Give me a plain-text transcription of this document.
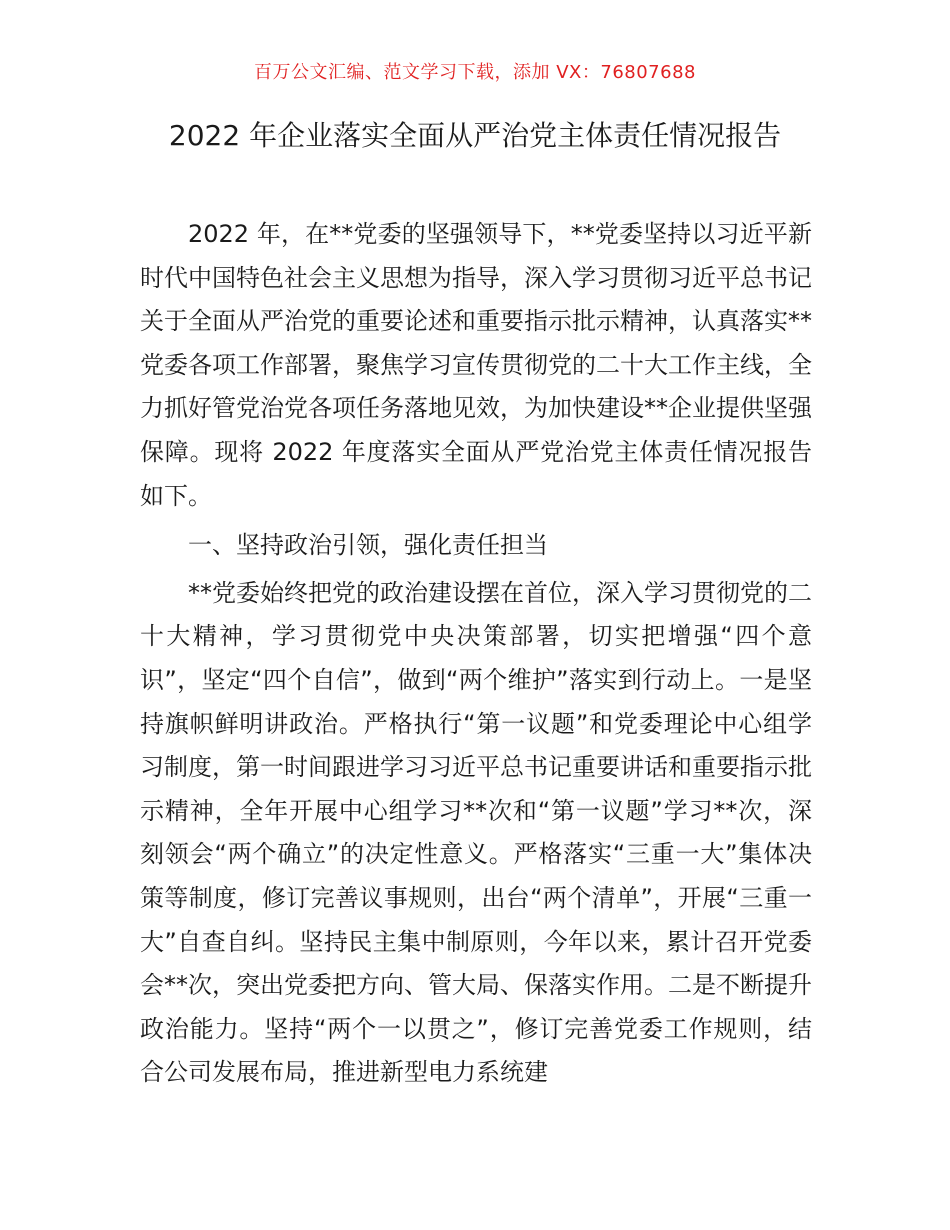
百万公文汇编、范文学习下载，添加 VX：76807688
2022 年企业落实全面从严治党主体责任情况报告

2022 年，在**党委的坚强领导下，**党委坚持以习近平新时代中国特色社会主义思想为指导，深入学习贯彻习近平总书记关于全面从严治党的重要论述和重要指示批示精神，认真落实**党委各项工作部署，聚焦学习宣传贯彻党的二十大工作主线，全力抓好管党治党各项任务落地见效，为加快建设**企业提供坚强保障。现将 2022 年度落实全面从严党治党主体责任情况报告如下。

一、坚持政治引领，强化责任担当

**党委始终把党的政治建设摆在首位，深入学习贯彻党的二十大精神，学习贯彻党中央决策部署，切实把增强“四个意识”，坚定“四个自信”，做到“两个维护”落实到行动上。一是坚持旗帜鲜明讲政治。严格执行“第一议题”和党委理论中心组学习制度，第一时间跟进学习习近平总书记重要讲话和重要指示批示精神，全年开展中心组学习**次和“第一议题”学习**次，深刻领会“两个确立”的决定性意义。严格落实“三重一大”集体决策等制度，修订完善议事规则，出台“两个清单”，开展“三重一大”自查自纠。坚持民主集中制原则，今年以来，累计召开党委会**次，突出党委把方向、管大局、保落实作用。二是不断提升政治能力。坚持“两个一以贯之”，修订完善党委工作规则，结合公司发展布局，推进新型电力系统建
